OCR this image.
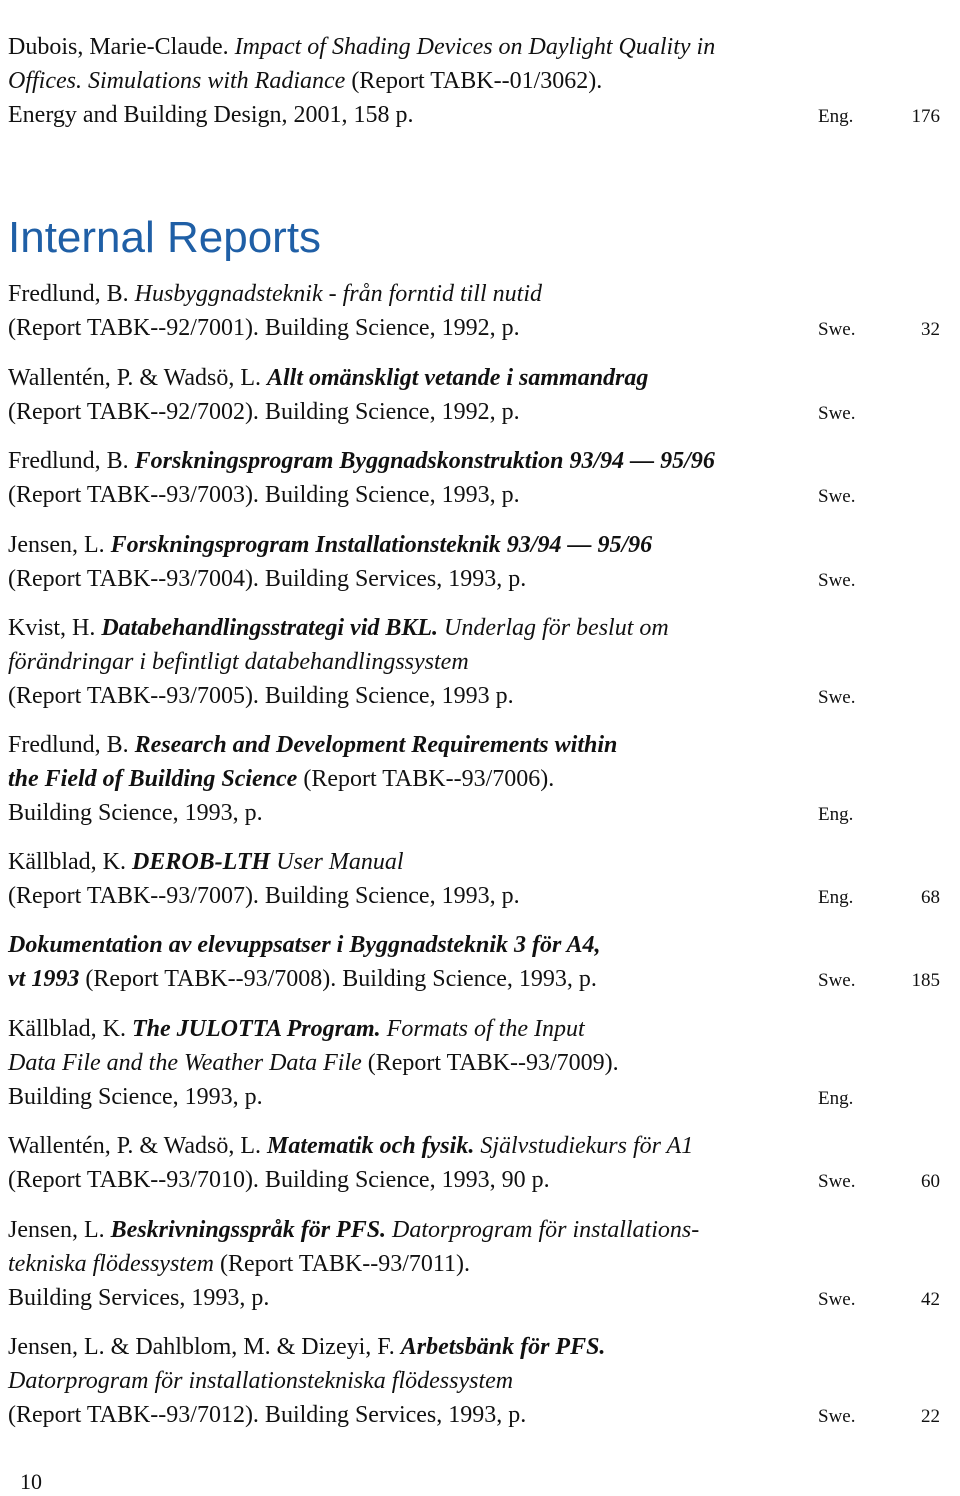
Dubois, Marie-Claude. Impact of Shading Devices on Daylight Quality in
Offices. Simulations with Radiance (Report TABK--01/3062).
Energy and Building Design, 2001, 158 p.	Eng.	176
Internal Reports
Fredlund, B. Husbyggnadsteknik - från forntid till nutid
(Report TABK--92/7001). Building Science, 1992, p.	Swe.	32
Wallentén, P. & Wadsö, L. Allt omänskligt vetande i sammandrag
(Report TABK--92/7002). Building Science, 1992, p.	Swe.
Fredlund, B. Forskningsprogram Byggnadskonstruktion 93/94 — 95/96
(Report TABK--93/7003). Building Science, 1993, p.	Swe.
Jensen, L. Forskningsprogram Installationsteknik 93/94 — 95/96
(Report TABK--93/7004). Building Services, 1993, p.	Swe.
Kvist, H. Databehandlingsstrategi vid BKL. Underlag för beslut om
förändringar i befintligt databehandlingssystem
(Report TABK--93/7005). Building Science, 1993 p.	Swe.
Fredlund, B. Research and Development Requirements within
the Field of Building Science (Report TABK--93/7006).
Building Science, 1993, p.	Eng.
Källblad, K. DEROB-LTH User Manual
(Report TABK--93/7007). Building Science, 1993, p.	Eng.	68
Dokumentation av elevuppsatser i Byggnadsteknik 3 för A4,
vt 1993 (Report TABK--93/7008). Building Science, 1993, p.	Swe.	185
Källblad, K. The JULOTTA Program. Formats of the Input
Data File and the Weather Data File (Report TABK--93/7009).
Building Science, 1993, p.	Eng.
Wallentén, P. & Wadsö, L. Matematik och fysik. Självstudiekurs för A1
(Report TABK--93/7010). Building Science, 1993, 90 p.	Swe.	60
Jensen, L. Beskrivningsspråk för PFS. Datorprogram för installations-
tekniska flödessystem (Report TABK--93/7011).
Building Services, 1993, p.	Swe.	42
Jensen, L. & Dahlblom, M. & Dizeyi, F. Arbetsbänk för PFS.
Datorprogram för installationstekniska flödessystem
(Report TABK--93/7012). Building Services, 1993, p.	Swe.	22
10
